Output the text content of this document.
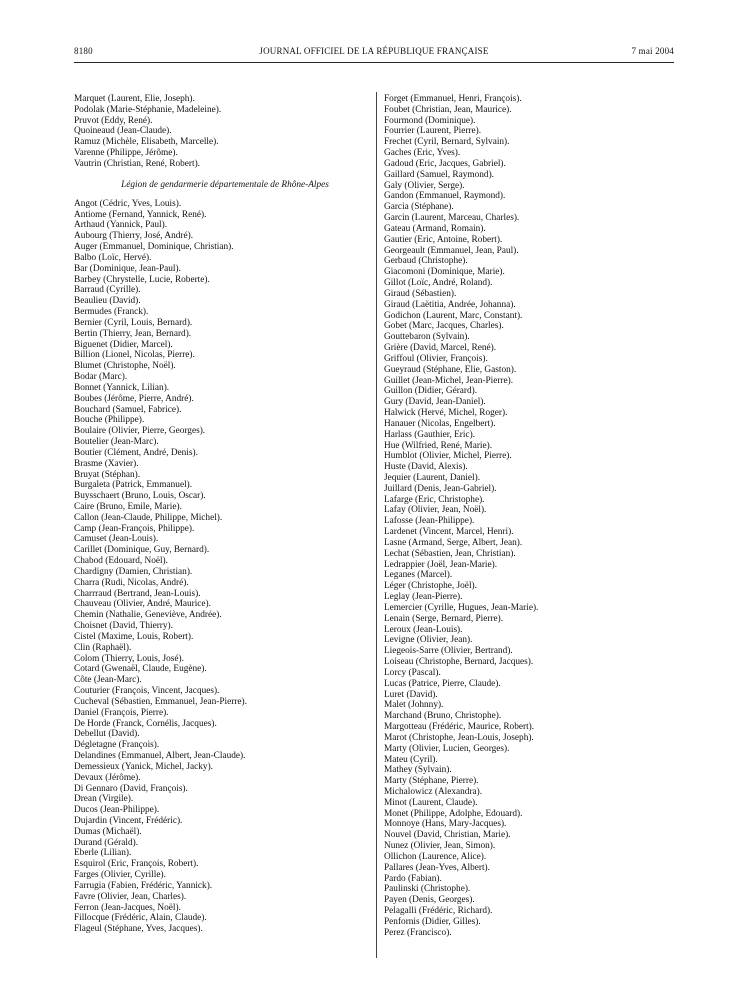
8180	JOURNAL OFFICIEL DE LA RÉPUBLIQUE FRANÇAISE	7 mai 2004
Marquet (Laurent, Elie, Joseph).
Podolak (Marie-Stéphanie, Madeleine).
Pruvot (Eddy, René).
Quoineaud (Jean-Claude).
Ramuz (Michèle, Elisabeth, Marcelle).
Varenne (Philippe, Jérôme).
Vautrin (Christian, René, Robert).
Légion de gendarmerie départementale de Rhône-Alpes
Angot (Cédric, Yves, Louis).
Antiome (Fernand, Yannick, René).
Arthaud (Yannick, Paul).
Aubourg (Thierry, José, André).
Auger (Emmanuel, Dominique, Christian).
Balbo (Loïc, Hervé).
Bar (Dominique, Jean-Paul).
Barbey (Chrystelle, Lucie, Roberte).
Barraud (Cyrille).
Beaulieu (David).
Bermudes (Franck).
Bernier (Cyril, Louis, Bernard).
Bertin (Thierry, Jean, Bernard).
Biguenet (Didier, Marcel).
Billion (Lionel, Nicolas, Pierre).
Blumet (Christophe, Noël).
Bodar (Marc).
Bonnet (Yannick, Lilian).
Boubes (Jérôme, Pierre, André).
Bouchard (Samuel, Fabrice).
Bouche (Philippe).
Boulaire (Olivier, Pierre, Georges).
Boutelier (Jean-Marc).
Boutier (Clément, André, Denis).
Brasme (Xavier).
Bruyat (Stéphan).
Burgaleta (Patrick, Emmanuel).
Buysschaert (Bruno, Louis, Oscar).
Caire (Bruno, Emile, Marie).
Callon (Jean-Claude, Philippe, Michel).
Camp (Jean-François, Philippe).
Camuset (Jean-Louis).
Carillet (Dominique, Guy, Bernard).
Chabod (Edouard, Noël).
Chardigny (Damien, Christian).
Charra (Rudi, Nicolas, André).
Charrraud (Bertrand, Jean-Louis).
Chauveau (Olivier, André, Maurice).
Chemin (Nathalie, Geneviève, Andrée).
Choisnet (David, Thierry).
Cistel (Maxime, Louis, Robert).
Clin (Raphaël).
Colom (Thierry, Louis, José).
Cotard (Gwenaël, Claude, Eugène).
Côte (Jean-Marc).
Couturier (François, Vincent, Jacques).
Cucheval (Sébastien, Emmanuel, Jean-Pierre).
Daniel (François, Pierre).
De Horde (Franck, Cornélis, Jacques).
Debellut (David).
Dégletagne (François).
Delandines (Emmanuel, Albert, Jean-Claude).
Demessieux (Yanick, Michel, Jacky).
Devaux (Jérôme).
Di Gennaro (David, François).
Drean (Virgile).
Ducos (Jean-Philippe).
Dujardin (Vincent, Frédéric).
Dumas (Michaël).
Durand (Gérald).
Eberle (Lilian).
Esquirol (Eric, François, Robert).
Farges (Olivier, Cyrille).
Farrugia (Fabien, Frédéric, Yannick).
Favre (Olivier, Jean, Charles).
Ferron (Jean-Jacques, Noël).
Fillocque (Frédéric, Alain, Claude).
Flageul (Stéphane, Yves, Jacques).
Forget (Emmanuel, Henri, François).
Foubet (Christian, Jean, Maurice).
Fourmond (Dominique).
Fourrier (Laurent, Pierre).
Frechet (Cyril, Bernard, Sylvain).
Gaches (Eric, Yves).
Gadoud (Eric, Jacques, Gabriel).
Gaillard (Samuel, Raymond).
Galy (Olivier, Serge).
Gandon (Emmanuel, Raymond).
Garcia (Stéphane).
Garcin (Laurent, Marceau, Charles).
Gateau (Armand, Romain).
Gautier (Eric, Antoine, Robert).
Georgeault (Emmanuel, Jean, Paul).
Gerbaud (Christophe).
Giacomoni (Dominique, Marie).
Gillot (Loïc, André, Roland).
Giraud (Sébastien).
Giraud (Laëtitia, Andrée, Johanna).
Godichon (Laurent, Marc, Constant).
Gobet (Marc, Jacques, Charles).
Gouttebaron (Sylvain).
Grière (David, Marcel, René).
Griffoul (Olivier, François).
Gueyraud (Stéphane, Elie, Gaston).
Guillet (Jean-Michel, Jean-Pierre).
Guillon (Didier, Gérard).
Gury (David, Jean-Daniel).
Halwick (Hervé, Michel, Roger).
Hanauer (Nicolas, Engelbert).
Harlass (Gauthier, Eric).
Hue (Wilfried, René, Marie).
Humblot (Olivier, Michel, Pierre).
Huste (David, Alexis).
Jequier (Laurent, Daniel).
Juillard (Denis, Jean-Gabriel).
Lafarge (Eric, Christophe).
Lafay (Olivier, Jean, Noël).
Lafosse (Jean-Philippe).
Lardenet (Vincent, Marcel, Henri).
Lasne (Armand, Serge, Albert, Jean).
Lechat (Sébastien, Jean, Christian).
Ledrappier (Joël, Jean-Marie).
Leganes (Marcel).
Léger (Christophe, Joël).
Leglay (Jean-Pierre).
Lemercier (Cyrille, Hugues, Jean-Marie).
Lenain (Serge, Bernard, Pierre).
Leroux (Jean-Louis).
Levigne (Olivier, Jean).
Liegeois-Sarre (Olivier, Bertrand).
Loiseau (Christophe, Bernard, Jacques).
Lorcy (Pascal).
Lucas (Patrice, Pierre, Claude).
Luret (David).
Malet (Johnny).
Marchand (Bruno, Christophe).
Margotteau (Frédéric, Maurice, Robert).
Marot (Christophe, Jean-Louis, Joseph).
Marty (Olivier, Lucien, Georges).
Mateu (Cyril).
Mathey (Sylvain).
Marty (Stéphane, Pierre).
Michalowicz (Alexandra).
Minot (Laurent, Claude).
Monet (Philippe, Adolphe, Edouard).
Monnoye (Hans, Mary-Jacques).
Nouvel (David, Christian, Marie).
Nunez (Olivier, Jean, Simon).
Ollichon (Laurence, Alice).
Pallares (Jean-Yves, Albert).
Pardo (Fabian).
Paulinski (Christophe).
Payen (Denis, Georges).
Pelagalli (Frédéric, Richard).
Penfornis (Didier, Gilles).
Perez (Francisco).
